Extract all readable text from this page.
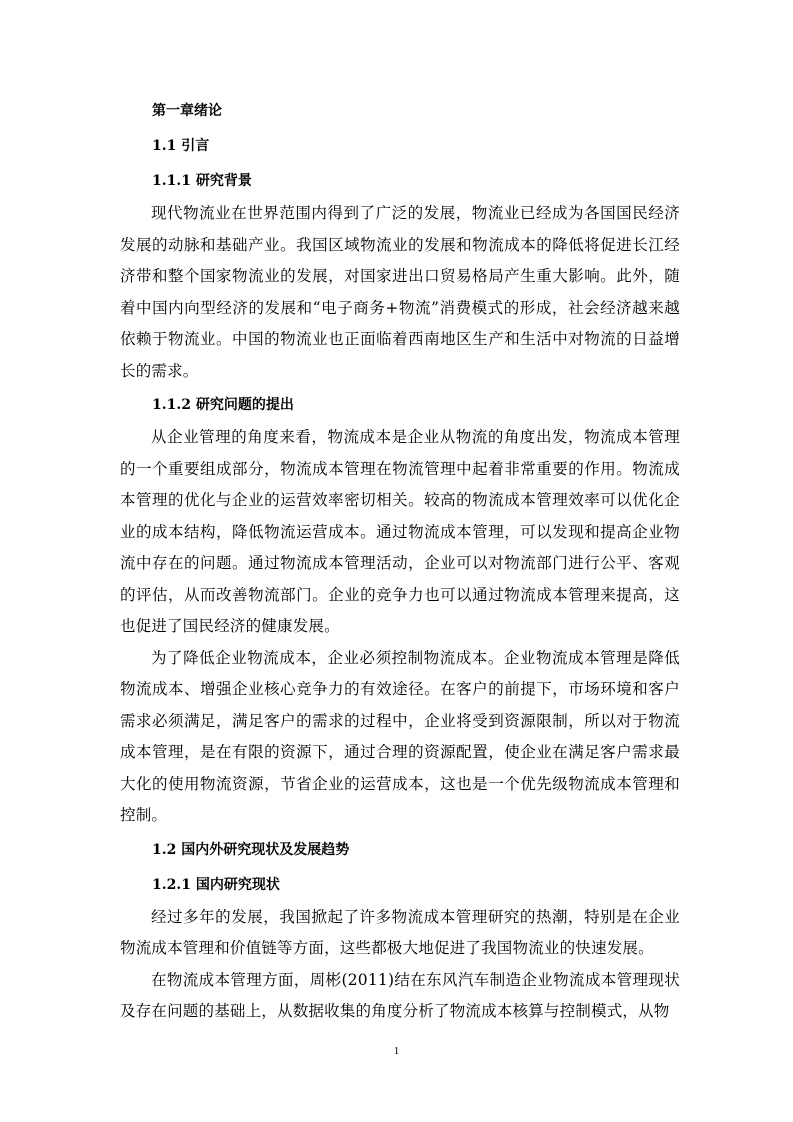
第一章绪论
1.1 引言
1.1.1 研究背景

现代物流业在世界范围内得到了广泛的发展，物流业已经成为各国国民经济发展的动脉和基础产业。我国区域物流业的发展和物流成本的降低将促进长江经济带和整个国家物流业的发展，对国家进出口贸易格局产生重大影响。此外，随着中国内向型经济的发展和“电子商务+物流”消费模式的形成，社会经济越来越依赖于物流业。中国的物流业也正面临着西南地区生产和生活中对物流的日益增长的需求。

1.1.2 研究问题的提出

从企业管理的角度来看，物流成本是企业从物流的角度出发，物流成本管理的一个重要组成部分，物流成本管理在物流管理中起着非常重要的作用。物流成本管理的优化与企业的运营效率密切相关。较高的物流成本管理效率可以优化企业的成本结构，降低物流运营成本。通过物流成本管理，可以发现和提高企业物流中存在的问题。通过物流成本管理活动，企业可以对物流部门进行公平、客观的评估，从而改善物流部门。企业的竞争力也可以通过物流成本管理来提高，这也促进了国民经济的健康发展。

为了降低企业物流成本，企业必须控制物流成本。企业物流成本管理是降低物流成本、增强企业核心竞争力的有效途径。在客户的前提下，市场环境和客户需求必须满足，满足客户的需求的过程中，企业将受到资源限制，所以对于物流成本管理，是在有限的资源下，通过合理的资源配置，使企业在满足客户需求最大化的使用物流资源，节省企业的运营成本，这也是一个优先级物流成本管理和控制。

1.2 国内外研究现状及发展趋势
1.2.1 国内研究现状

经过多年的发展，我国掀起了许多物流成本管理研究的热潮，特别是在企业物流成本管理和价值链等方面，这些都极大地促进了我国物流业的快速发展。

在物流成本管理方面，周彬(2011)结在东风汽车制造企业物流成本管理现状及存在问题的基础上，从数据收集的角度分析了物流成本核算与控制模式，从物

1
